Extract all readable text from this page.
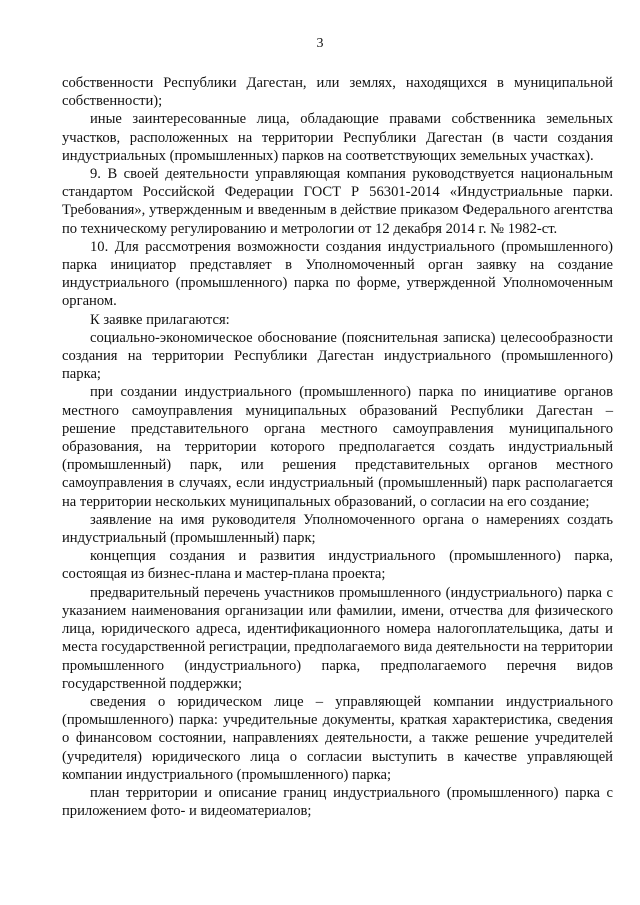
3

собственности Республики Дагестан, или землях, находящихся в муниципальной собственности);

иные заинтересованные лица, обладающие правами собственника земельных участков, расположенных на территории Республики Дагестан (в части создания индустриальных (промышленных) парков на соответствующих земельных участках).

9. В своей деятельности управляющая компания руководствуется национальным стандартом Российской Федерации ГОСТ Р 56301-2014 «Индустриальные парки. Требования», утвержденным и введенным в действие приказом Федерального агентства по техническому регулированию и метрологии от 12 декабря 2014 г. № 1982-ст.

10. Для рассмотрения возможности создания индустриального (промышленного) парка инициатор представляет в Уполномоченный орган заявку на создание индустриального (промышленного) парка по форме, утвержденной Уполномоченным органом.

К заявке прилагаются:

социально-экономическое обоснование (пояснительная записка) целесообразности создания на территории Республики Дагестан индустриального (промышленного) парка;

при создании индустриального (промышленного) парка по инициативе органов местного самоуправления муниципальных образований Республики Дагестан – решение представительного органа местного самоуправления муниципального образования, на территории которого предполагается создать индустриальный (промышленный) парк, или решения представительных органов местного самоуправления в случаях, если индустриальный (промышленный) парк располагается на территории нескольких муниципальных образований, о согласии на его создание;

заявление на имя руководителя Уполномоченного органа о намерениях создать индустриальный (промышленный) парк;

концепция создания и развития индустриального (промышленного) парка, состоящая из бизнес-плана и мастер-плана проекта;

предварительный перечень участников промышленного (индустриального) парка с указанием наименования организации или фамилии, имени, отчества для физического лица, юридического адреса, идентификационного номера налогоплательщика, даты и места государственной регистрации, предполагаемого вида деятельности на территории промышленного (индустриального) парка, предполагаемого перечня видов государственной поддержки;

сведения о юридическом лице – управляющей компании индустриального (промышленного) парка: учредительные документы, краткая характеристика, сведения о финансовом состоянии, направлениях деятельности, а также решение учредителей (учредителя) юридического лица о согласии выступить в качестве управляющей компании индустриального (промышленного) парка;

план территории и описание границ индустриального (промышленного) парка с приложением фото- и видеоматериалов;
